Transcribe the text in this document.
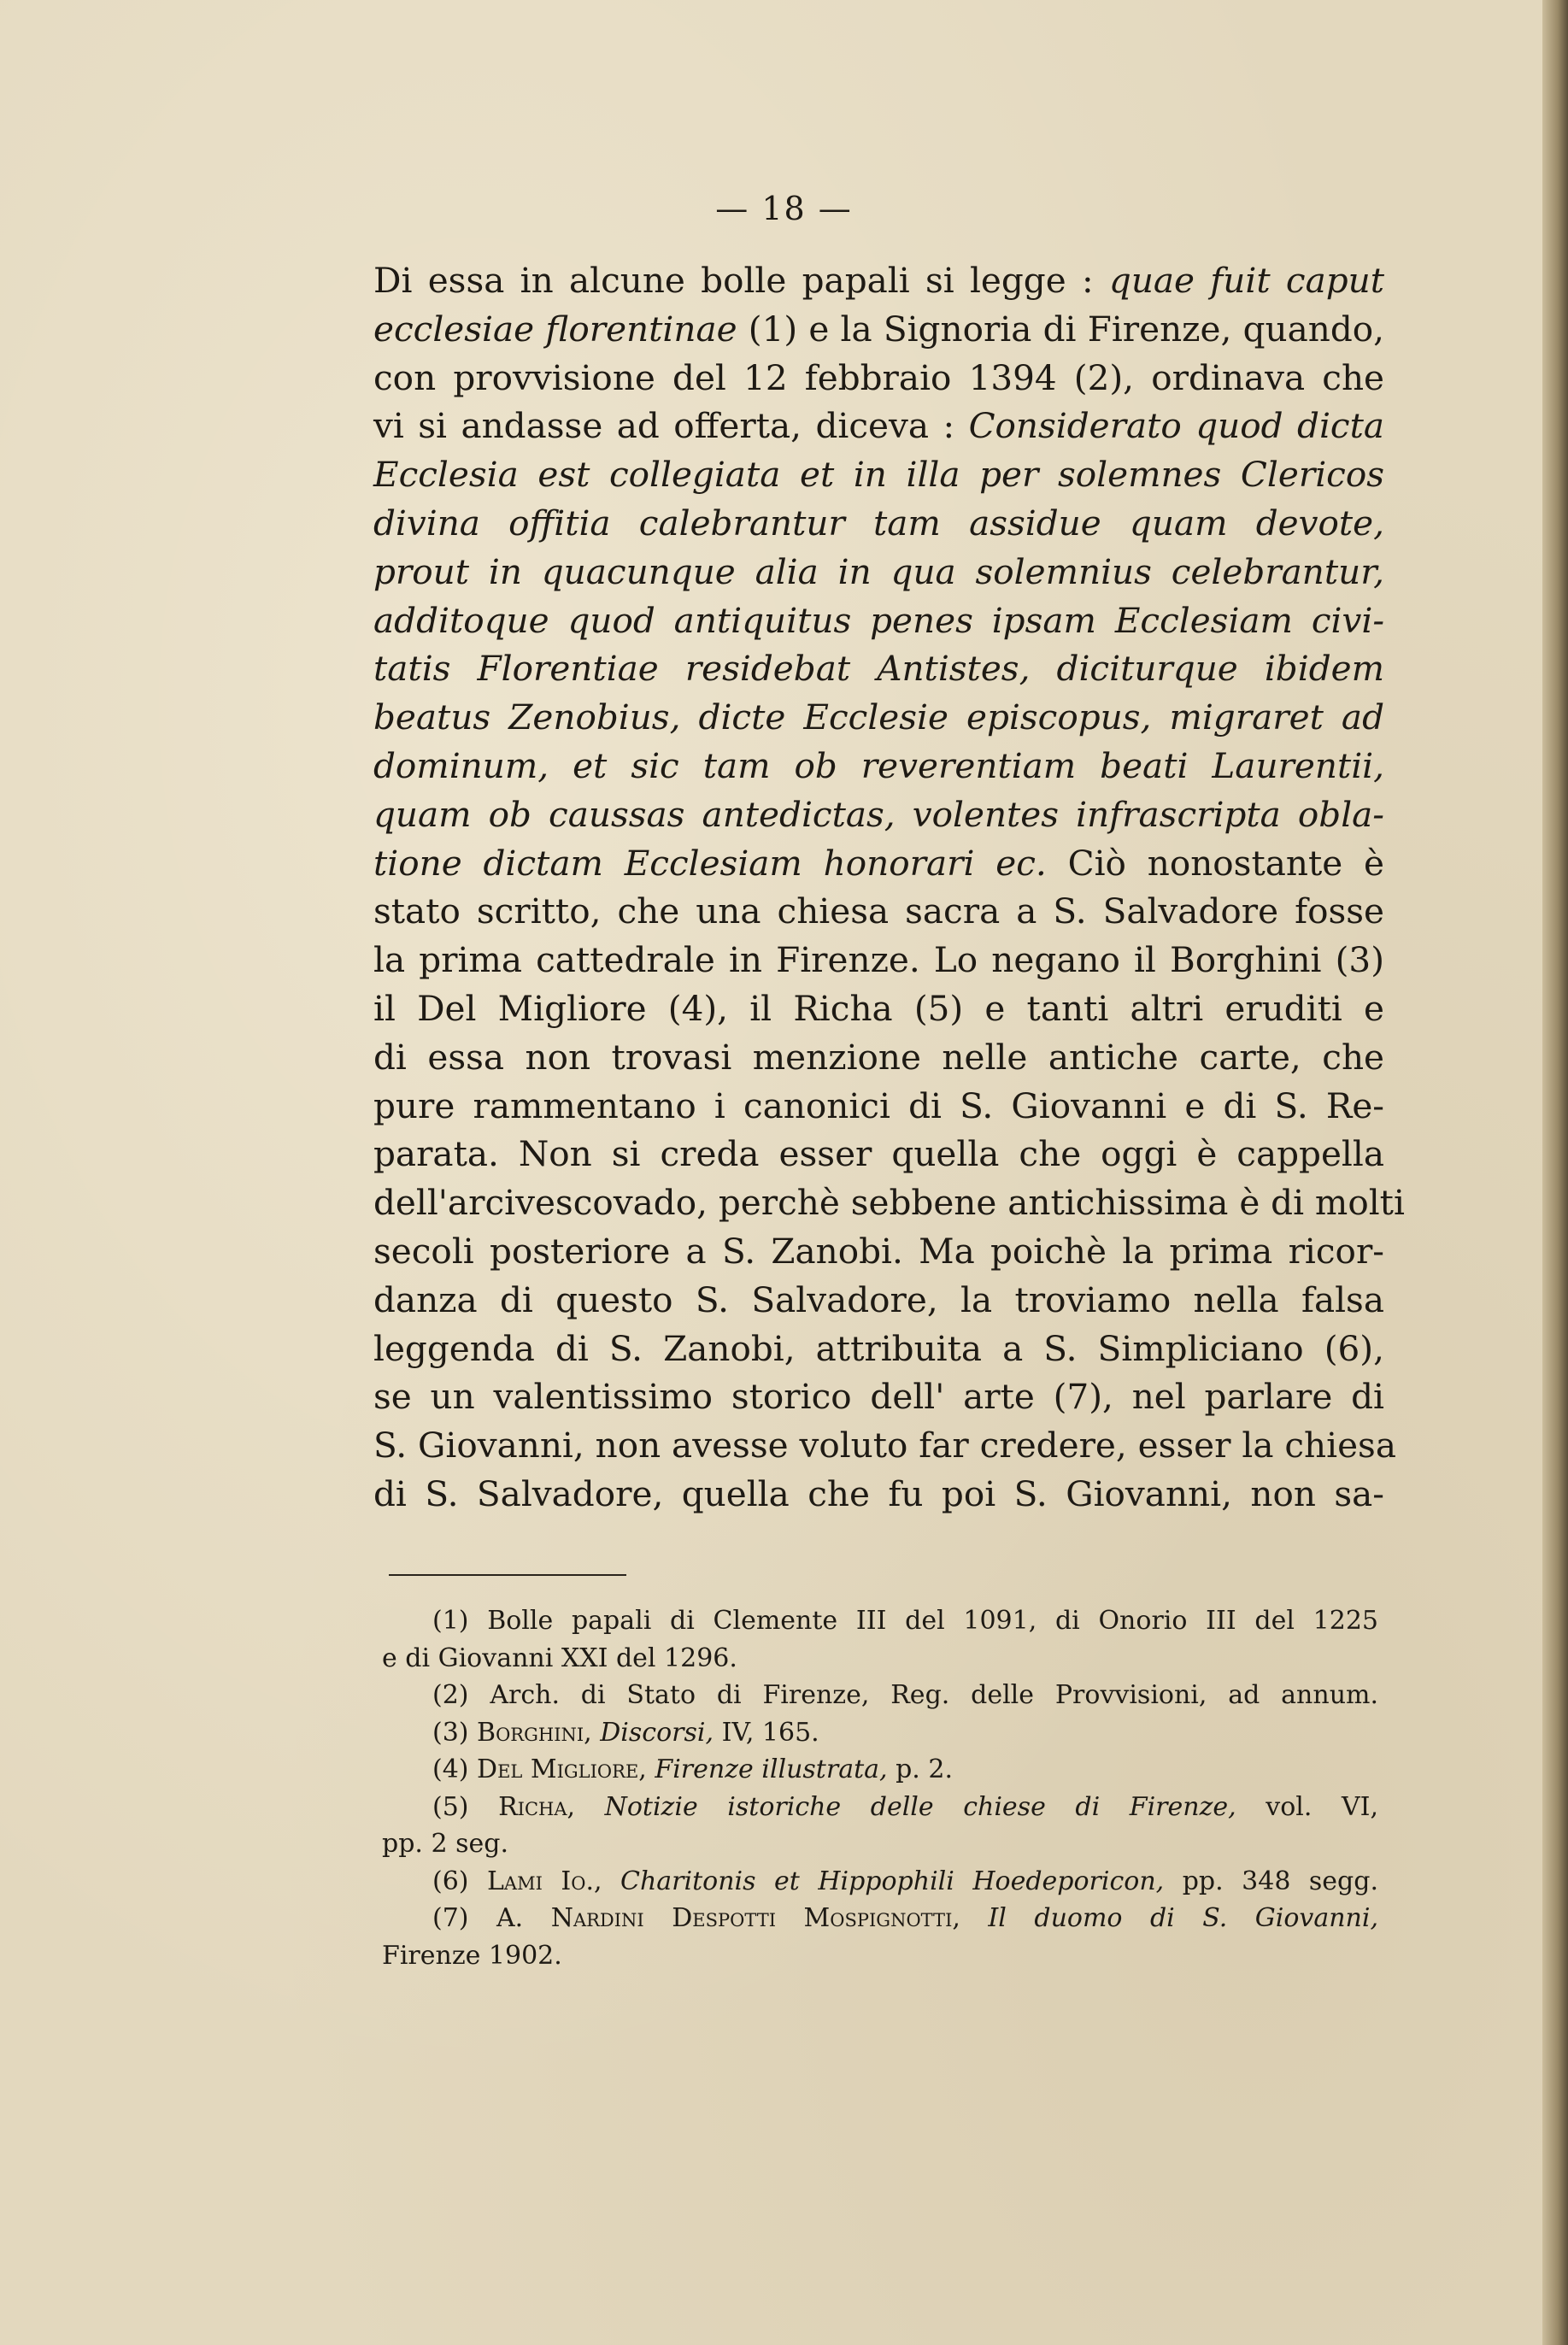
— 18 —
Di essa in alcune bolle papali si legge : quae fuit caput
ecclesiae florentinae (1) e la Signoria di Firenze, quando,
con provvisione del 12 febbraio 1394 (2), ordinava che
vi si andasse ad offerta, diceva : Considerato quod dicta
Ecclesia est collegiata et in illa per solemnes Clericos
divina offitia calebrantur tam assidue quam devote,
prout in quacunque alia in qua solemnius celebrantur,
additoque quod antiquitus penes ipsam Ecclesiam civi-
tatis Florentiae residebat Antistes, diciturque ibidem
beatus Zenobius, dicte Ecclesie episcopus, migraret ad
dominum, et sic tam ob reverentiam beati Laurentii,
quam ob caussas antedictas, volentes infrascripta obla-
tione dictam Ecclesiam honorari ec. Ciò nonostante è
stato scritto, che una chiesa sacra a S. Salvadore fosse
la prima cattedrale in Firenze. Lo negano il Borghini (3)
il Del Migliore (4), il Richa (5) e tanti altri eruditi e
di essa non trovasi menzione nelle antiche carte, che
pure rammentano i canonici di S. Giovanni e di S. Re-
parata. Non si creda esser quella che oggi è cappella
dell'arcivescovado, perchè sebbene antichissima è di molti
secoli posteriore a S. Zanobi. Ma poichè la prima ricor-
danza di questo S. Salvadore, la troviamo nella falsa
leggenda di S. Zanobi, attribuita a S. Simpliciano (6),
se un valentissimo storico dell' arte (7), nel parlare di
S. Giovanni, non avesse voluto far credere, esser la chiesa
di S. Salvadore, quella che fu poi S. Giovanni, non sa-
(1) Bolle papali di Clemente III del 1091, di Onorio III del 1225
e di Giovanni XXI del 1296.
(2) Arch. di Stato di Firenze, Reg. delle Provvisioni, ad annum.
(3) Borghini, Discorsi, IV, 165.
(4) Del Migliore, Firenze illustrata, p. 2.
(5) Richa, Notizie istoriche delle chiese di Firenze, vol. VI,
pp. 2 seg.
(6) Lami Io., Charitonis et Hippophili Hoedeporicon, pp. 348 segg.
(7) A. Nardini Despotti Mospignotti, Il duomo di S. Giovanni,
Firenze 1902.
